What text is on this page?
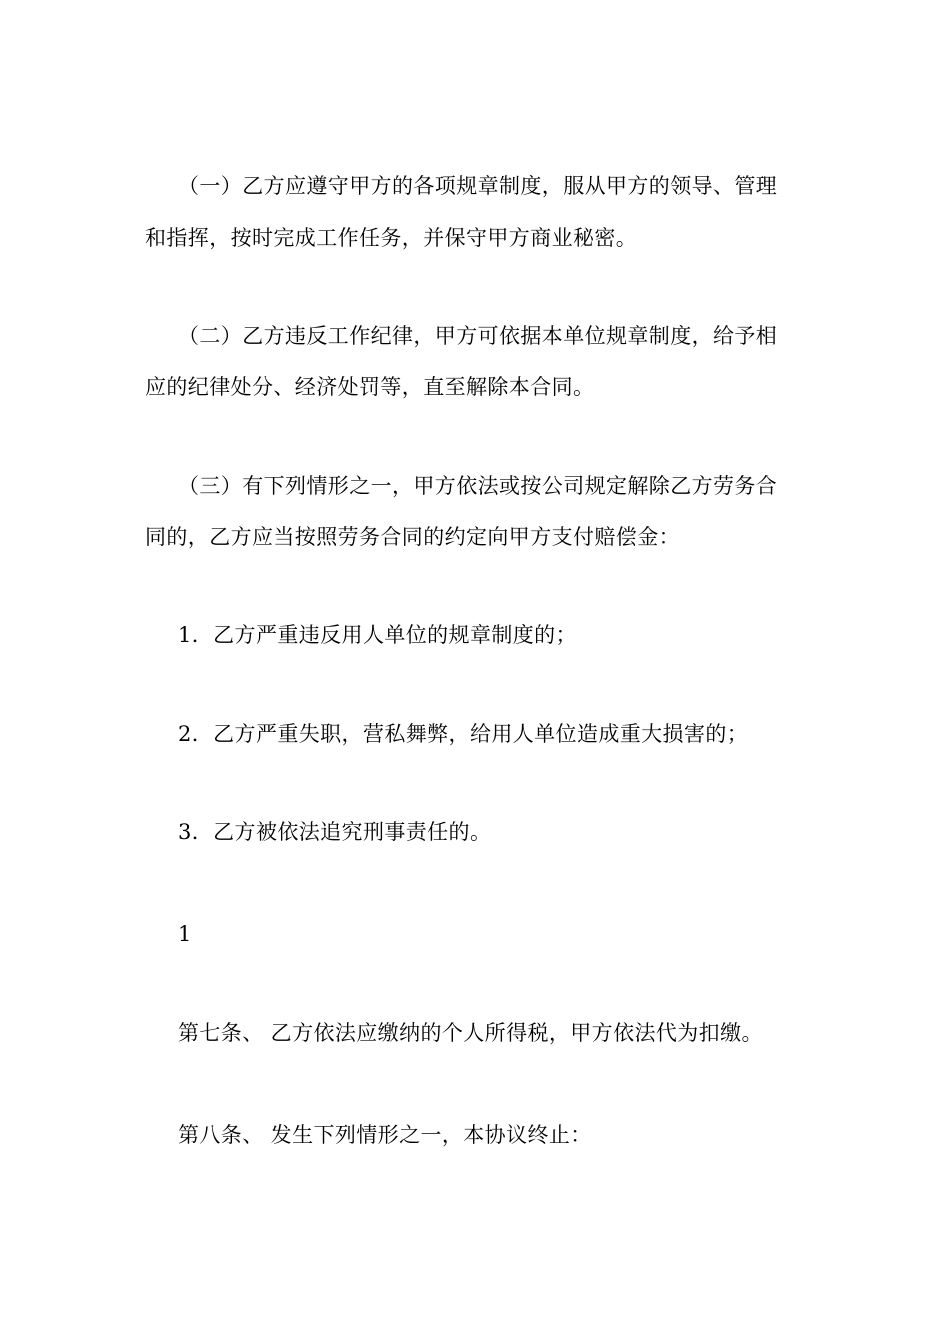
（一）乙方应遵守甲方的各项规章制度，服从甲方的领导、管理
和指挥，按时完成工作任务，并保守甲方商业秘密。
（二）乙方违反工作纪律，甲方可依据本单位规章制度，给予相
应的纪律处分、经济处罚等，直至解除本合同。
（三）有下列情形之一，甲方依法或按公司规定解除乙方劳务合
同的，乙方应当按照劳务合同的约定向甲方支付赔偿金：
1．乙方严重违反用人单位的规章制度的；
2．乙方严重失职，营私舞弊，给用人单位造成重大损害的；
3．乙方被依法追究刑事责任的。
1
第七条、 乙方依法应缴纳的个人所得税，甲方依法代为扣缴。
第八条、 发生下列情形之一，本协议终止：
